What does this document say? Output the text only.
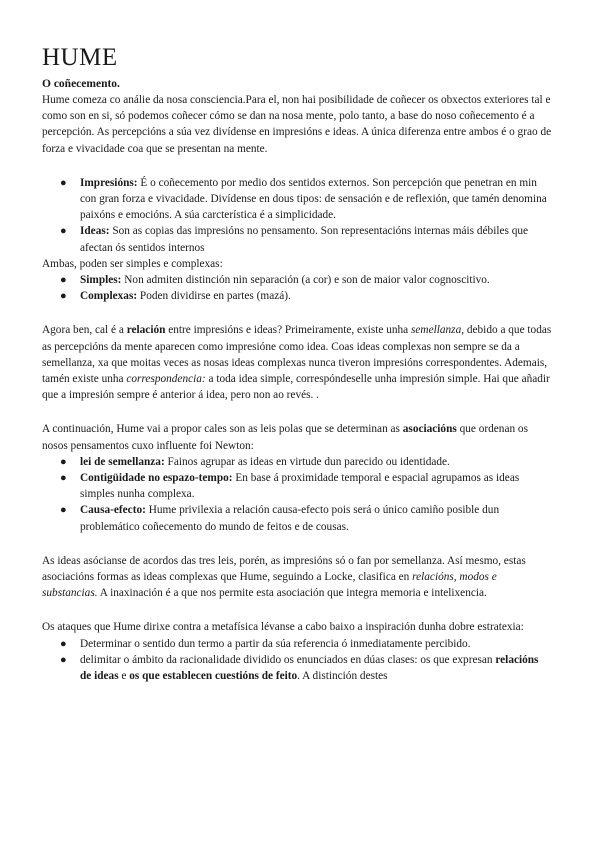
HUME
O coñecemento.

Hume comeza co análie da nosa consciencia.Para el, non hai posibilidade de coñecer os obxectos exteriores tal e como son en si, só podemos coñecer cómo se dan na nosa mente, polo tanto, a base do noso coñecemento é a percepción. As percepcións a súa vez divídense en impresións e ideas. A única diferenza entre ambos é o grao de forza e vivacidade coa que se presentan na mente.

● Impresións: É o coñecemento por medio dos sentidos externos. Son percepción que penetran en min con gran forza e vivacidade. Divídense en dous tipos: de sensación e de reflexión, que tamén denomina paixóns e emocións. A súa carcterística é a simplicidade.
● Ideas: Son as copias das impresións no pensamento. Son representacións internas máis débiles que afectan ós sentidos internos

Ambas, poden ser simples e complexas:

● Simples: Non admiten distinción nin separación (a cor) e son de maior valor cognoscitivo.
● Complexas: Poden dividirse en partes (mazá).

Agora ben, cal é a relación entre impresións e ideas? Primeiramente, existe unha semellanza, debido a que todas as percepcións da mente aparecen como impresióne como idea. Coas ideas complexas non sempre se da a semellanza, xa que moitas veces as nosas ideas complexas nunca tiveron impresións correspondentes. Ademais, tamén existe unha correspondencia: a toda idea simple, correspóndeselle unha impresión simple. Hai que añadir que a impresión sempre é anterior á idea, pero non ao revés. .

A continuación, Hume vai a propor cales son as leis polas que se determinan as asociacións que ordenan os nosos pensamentos cuxo influente foi Newton:

● lei de semellanza: Fainos agrupar as ideas en virtude dun parecido ou identidade.
● Contigüidade no espazo-tempo: En base á proximidade temporal e espacial agrupamos as ideas simples nunha complexa.
● Causa-efecto: Hume privilexia a relación causa-efecto pois será o único camiño posible dun problemático coñecemento do mundo de feitos e de cousas.

As ideas asócianse de acordos das tres leis, porén, as impresións só o fan por semellanza. Así mesmo, estas asociacións formas as ideas complexas que Hume, seguindo a Locke, clasifica en relacións, modos e substancias. A inaxinación é a que nos permite esta asociación que integra memoria e intelixencia.

Os ataques que Hume dirixe contra a metafísica lévanse a cabo baixo a inspiración dunha dobre estratexia:

● Determinar o sentido dun termo a partir da súa referencia ó inmediatamente percibido.
● delimitar o ámbito da racionalidade dividido os enunciados en dúas clases: os que expresan relacións de ideas e os que establecen cuestións de feito. A distinción destes
